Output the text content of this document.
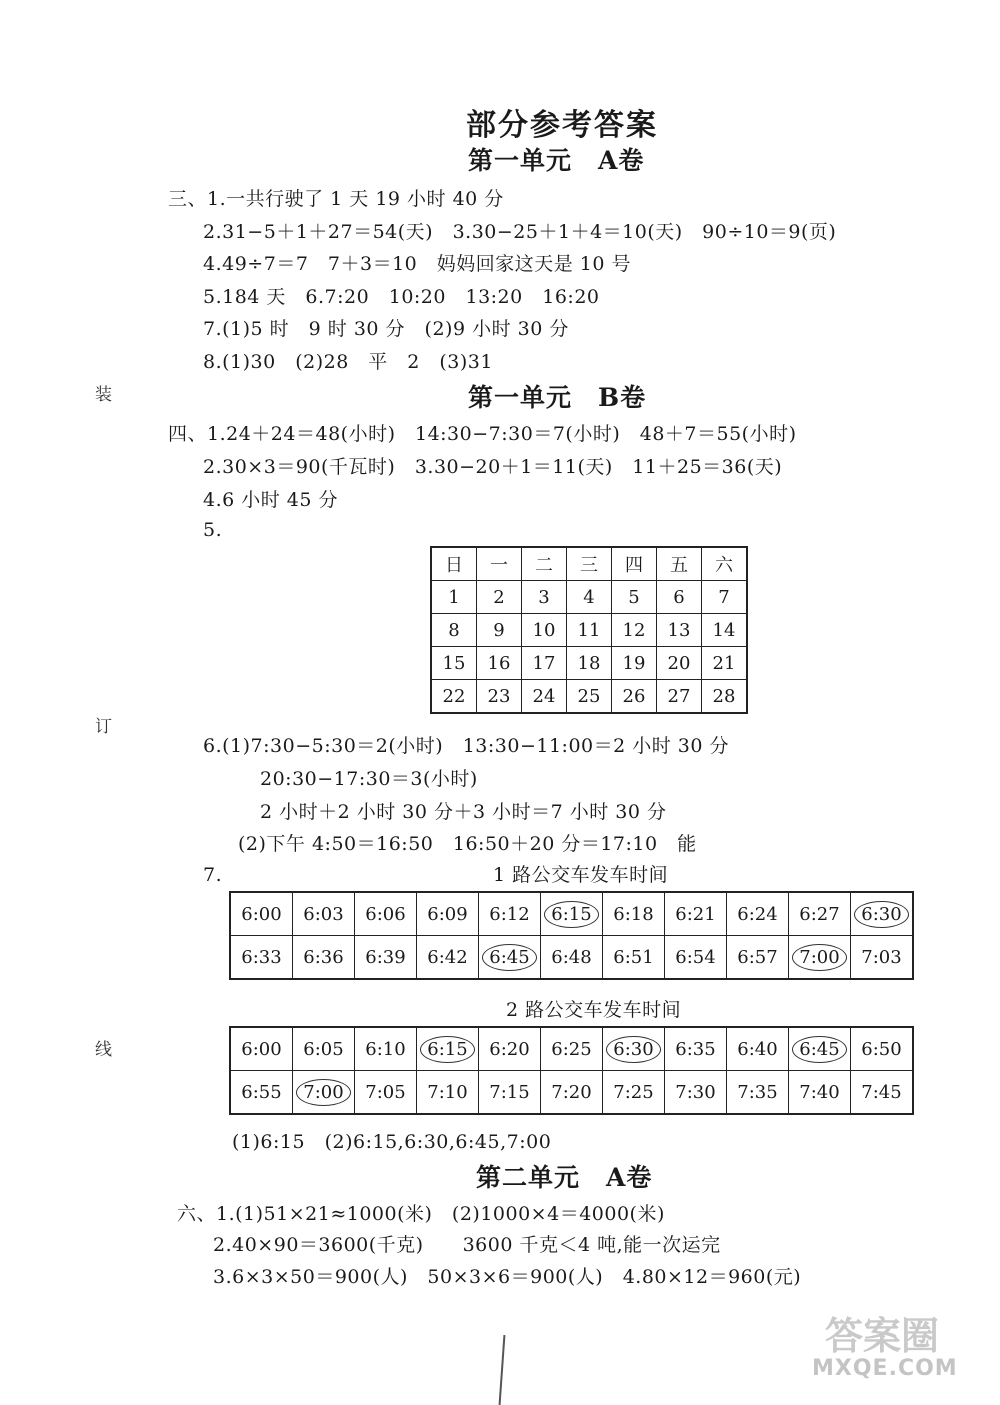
装
订
线
部分参考答案
第一单元　A卷
三、1.一共行驶了 1 天 19 小时 40 分
2.31−5＋1＋27＝54(天)　3.30−25＋1＋4＝10(天)　90÷10＝9(页)
4.49÷7＝7　7＋3＝10　妈妈回家这天是 10 号
5.184 天　6.7:20　10:20　13:20　16:20
7.(1)5 时　9 时 30 分　(2)9 小时 30 分
8.(1)30　(2)28　平　2　(3)31
第一单元　B卷
四、1.24＋24＝48(小时)　14:30−7:30＝7(小时)　48＋7＝55(小时)
2.30×3＝90(千瓦时)　3.30−20＋1＝11(天)　11＋25＝36(天)
4.6 小时 45 分
5.
日	一	二	三	四	五	六
1	2	3	4	5	6	7
8	9	10	11	12	13	14
15	16	17	18	19	20	21
22	23	24	25	26	27	28
6.(1)7:30−5:30＝2(小时)　13:30−11:00＝2 小时 30 分
20:30−17:30＝3(小时)
2 小时＋2 小时 30 分＋3 小时＝7 小时 30 分
(2)下午 4:50＝16:50　16:50＋20 分＝17:10　能
7.	1 路公交车发车时间
6:00	6:03	6:06	6:09	6:12	6:15	6:18	6:21	6:24	6:27	6:30
6:33	6:36	6:39	6:42	6:45	6:48	6:51	6:54	6:57	7:00	7:03
2 路公交车发车时间
6:00	6:05	6:10	6:15	6:20	6:25	6:30	6:35	6:40	6:45	6:50
6:55	7:00	7:05	7:10	7:15	7:20	7:25	7:30	7:35	7:40	7:45
(1)6:15　(2)6:15,6:30,6:45,7:00
第二单元　A卷
六、1.(1)51×21≈1000(米)　(2)1000×4＝4000(米)
2.40×90＝3600(千克)　　3600 千克＜4 吨,能一次运完
3.6×3×50＝900(人)　50×3×6＝900(人)　4.80×12＝960(元)
答案圈
MXQE.COM
